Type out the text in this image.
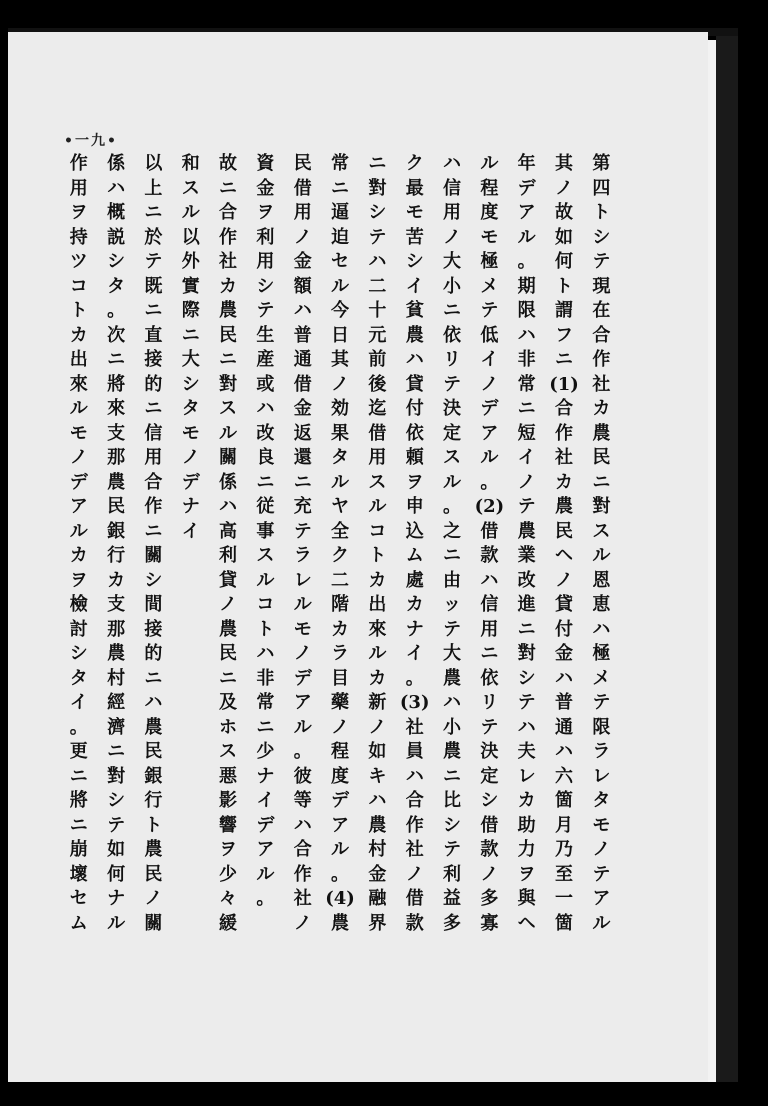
•一九•
第
四
ト
シ
テ
現
在
合
作
社
カ
農
民
ニ
對
ス
ル
恩
恵
ハ
極
メ
テ
限
ラ
レ
タ
モ
ノ
テ
ア
ル
其
ノ
故
如
何
ト
謂
フ
ニ
(1)
合
作
社
カ
農
民
ヘ
ノ
貸
付
金
ハ
普
通
ハ
六
箇
月
乃
至
一
箇
年
デ
ア
ル
。
期
限
ハ
非
常
ニ
短
イ
ノ
テ
農
業
改
進
ニ
對
シ
テ
ハ
夫
レ
カ
助
力
ヲ
與
ヘ
ル
程
度
モ
極
メ
テ
低
イ
ノ
デ
ア
ル
。
(2)
借
款
ハ
信
用
ニ
依
リ
テ
決
定
シ
借
款
ノ
多
寡
ハ
信
用
ノ
大
小
ニ
依
リ
テ
決
定
ス
ル
。
之
ニ
由
ッ
テ
大
農
ハ
小
農
ニ
比
シ
テ
利
益
多
ク
最
モ
苦
シ
イ
貧
農
ハ
貸
付
依
頼
ヲ
申
込
ム
處
カ
ナ
イ
。
(3)
社
員
ハ
合
作
社
ノ
借
款
ニ
對
シ
テ
ハ
二
十
元
前
後
迄
借
用
ス
ル
コ
ト
カ
出
來
ル
カ
新
ノ
如
キ
ハ
農
村
金
融
界
常
ニ
逼
迫
セ
ル
今
日
其
ノ
効
果
タ
ル
ヤ
全
ク
二
階
カ
ラ
目
藥
ノ
程
度
デ
ア
ル
。
(4)
農
民
借
用
ノ
金
額
ハ
普
通
借
金
返
還
ニ
充
テ
ラ
レ
ル
モ
ノ
デ
ア
ル
。
彼
等
ハ
合
作
社
ノ
資
金
ヲ
利
用
シ
テ
生
産
或
ハ
改
良
ニ
従
事
ス
ル
コ
ト
ハ
非
常
ニ
少
ナ
イ
デ
ア
ル
。
故
ニ
合
作
社
カ
農
民
ニ
對
ス
ル
關
係
ハ
高
利
貸
ノ
農
民
ニ
及
ホ
ス
悪
影
響
ヲ
少
々
緩
和
ス
ル
以
外
實
際
ニ
大
シ
タ
モ
ノ
デ
ナ
イ
以
上
ニ
於
テ
既
ニ
直
接
的
ニ
信
用
合
作
ニ
關
シ
間
接
的
ニ
ハ
農
民
銀
行
ト
農
民
ノ
關
係
ハ
概
説
シ
タ
。
次
ニ
將
來
支
那
農
民
銀
行
カ
支
那
農
村
經
濟
ニ
對
シ
テ
如
何
ナ
ル
作
用
ヲ
持
ツ
コ
ト
カ
出
來
ル
モ
ノ
デ
ア
ル
カ
ヲ
檢
討
シ
タ
イ
。
更
ニ
將
ニ
崩
壞
セ
ム
